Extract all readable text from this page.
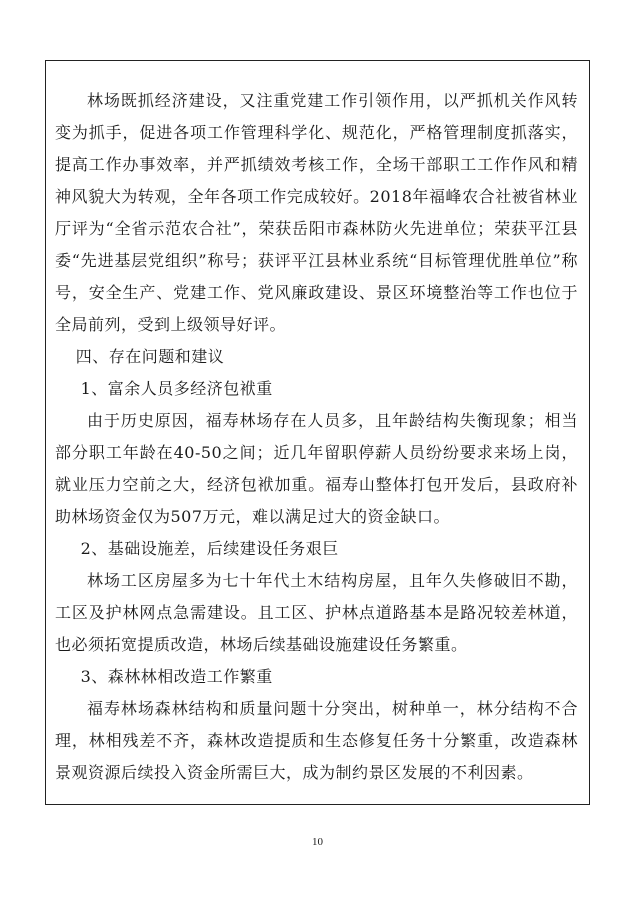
林场既抓经济建设，又注重党建工作引领作用，以严抓机关作风转变为抓手，促进各项工作管理科学化、规范化，严格管理制度抓落实，提高工作办事效率，并严抓绩效考核工作，全场干部职工工作作风和精神风貌大为转观，全年各项工作完成较好。2018年福峰农合社被省林业厅评为“全省示范农合社”，荣获岳阳市森林防火先进单位；荣获平江县委“先进基层党组织”称号；获评平江县林业系统“目标管理优胜单位”称号，安全生产、党建工作、党风廉政建设、景区环境整治等工作也位于全局前列，受到上级领导好评。

四、存在问题和建议

1、富余人员多经济包袱重

由于历史原因，福寿林场存在人员多，且年龄结构失衡现象；相当部分职工年龄在40-50之间；近几年留职停薪人员纷纷要求来场上岗，就业压力空前之大，经济包袱加重。福寿山整体打包开发后，县政府补助林场资金仅为507万元，难以满足过大的资金缺口。

2、基础设施差，后续建设任务艰巨

林场工区房屋多为七十年代土木结构房屋，且年久失修破旧不勘，工区及护林网点急需建设。且工区、护林点道路基本是路况较差林道，也必须拓宽提质改造，林场后续基础设施建设任务繁重。

3、森林林相改造工作繁重

福寿林场森林结构和质量问题十分突出，树种单一，林分结构不合理，林相残差不齐，森林改造提质和生态修复任务十分繁重，改造森林景观资源后续投入资金所需巨大，成为制约景区发展的不利因素。

10
